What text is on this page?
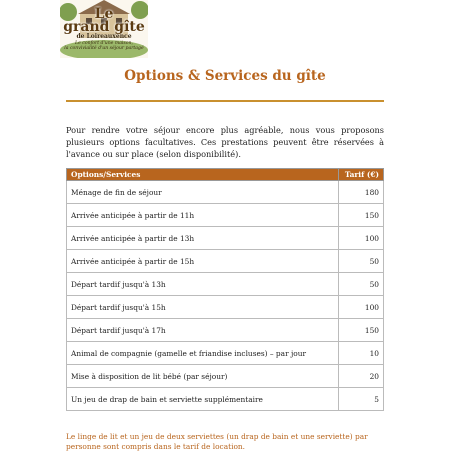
Le
grand gîte
de Loireauxence
Le confort d'une maison,
la convivialité d'un séjour partagé
Options & Services du gîte

Pour rendre votre séjour encore plus agréable, nous vous proposons plusieurs options facultatives. Ces prestations peuvent être réservées à l'avance ou sur place (selon disponibilité).

Options/Services	Tarif (€)
Ménage de fin de séjour	180
Arrivée anticipée à partir de 11h	150
Arrivée anticipée à partir de 13h	100
Arrivée anticipée à partir de 15h	50
Départ tardif jusqu'à 13h	50
Départ tardif jusqu'à 15h	100
Départ tardif jusqu'à 17h	150
Animal de compagnie (gamelle et friandise incluses) – par jour	10
Mise à disposition de lit bébé (par séjour)	20
Un jeu de drap de bain et serviette supplémentaire	5
Le linge de lit et un jeu de deux serviettes (un drap de bain et une serviette) par personne sont compris dans le tarif de location.
